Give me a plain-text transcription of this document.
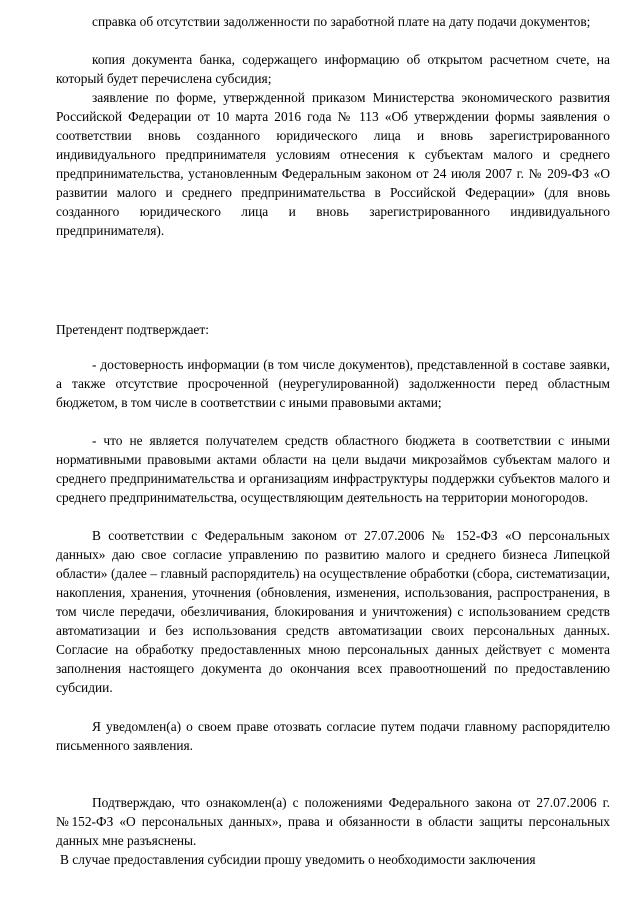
справка об отсутствии задолженности по заработной плате на дату подачи документов;

копия документа банка, содержащего информацию об открытом расчетном счете, на который будет перечислена субсидия;

заявление по форме, утвержденной приказом Министерства экономического развития Российской Федерации от 10 марта 2016 года № 113 «Об утверждении формы заявления о соответствии вновь созданного юридического лица и вновь зарегистрированного индивидуального предпринимателя условиям отнесения к субъектам малого и среднего предпринимательства, установленным Федеральным законом от 24 июля 2007 г. № 209-ФЗ «О развитии малого и среднего предпринимательства в Российской Федерации» (для вновь созданного юридического лица и вновь зарегистрированного индивидуального предпринимателя).

Претендент подтверждает:

- достоверность информации (в том числе документов), представленной в составе заявки, а также отсутствие просроченной (неурегулированной) задолженности перед областным бюджетом, в том числе в соответствии с иными правовыми актами;

- что не является получателем средств областного бюджета в соответствии с иными нормативными правовыми актами области на цели выдачи микрозаймов субъектам малого и среднего предпринимательства и организациям инфраструктуры поддержки субъектов малого и среднего предпринимательства, осуществляющим деятельность на территории моногородов.

В соответствии с Федеральным законом от 27.07.2006 № 152-ФЗ «О персональных данных» даю свое согласие управлению по развитию малого и среднего бизнеса Липецкой области» (далее – главный распорядитель) на осуществление обработки (сбора, систематизации, накопления, хранения, уточнения (обновления, изменения, использования, распространения, в том числе передачи, обезличивания, блокирования и уничтожения) с использованием средств автоматизации и без использования средств автоматизации своих персональных данных. Согласие на обработку предоставленных мною персональных данных действует с момента заполнения настоящего документа до окончания всех правоотношений по предоставлению субсидии.

Я уведомлен(а) о своем праве отозвать согласие путем подачи главному распорядителю письменного заявления.

Подтверждаю, что ознакомлен(а) с положениями Федерального закона от 27.07.2006 г. №152-ФЗ «О персональных данных», права и обязанности в области защиты персональных данных мне разъяснены.

В случае предоставления субсидии прошу уведомить о необходимости заключения
